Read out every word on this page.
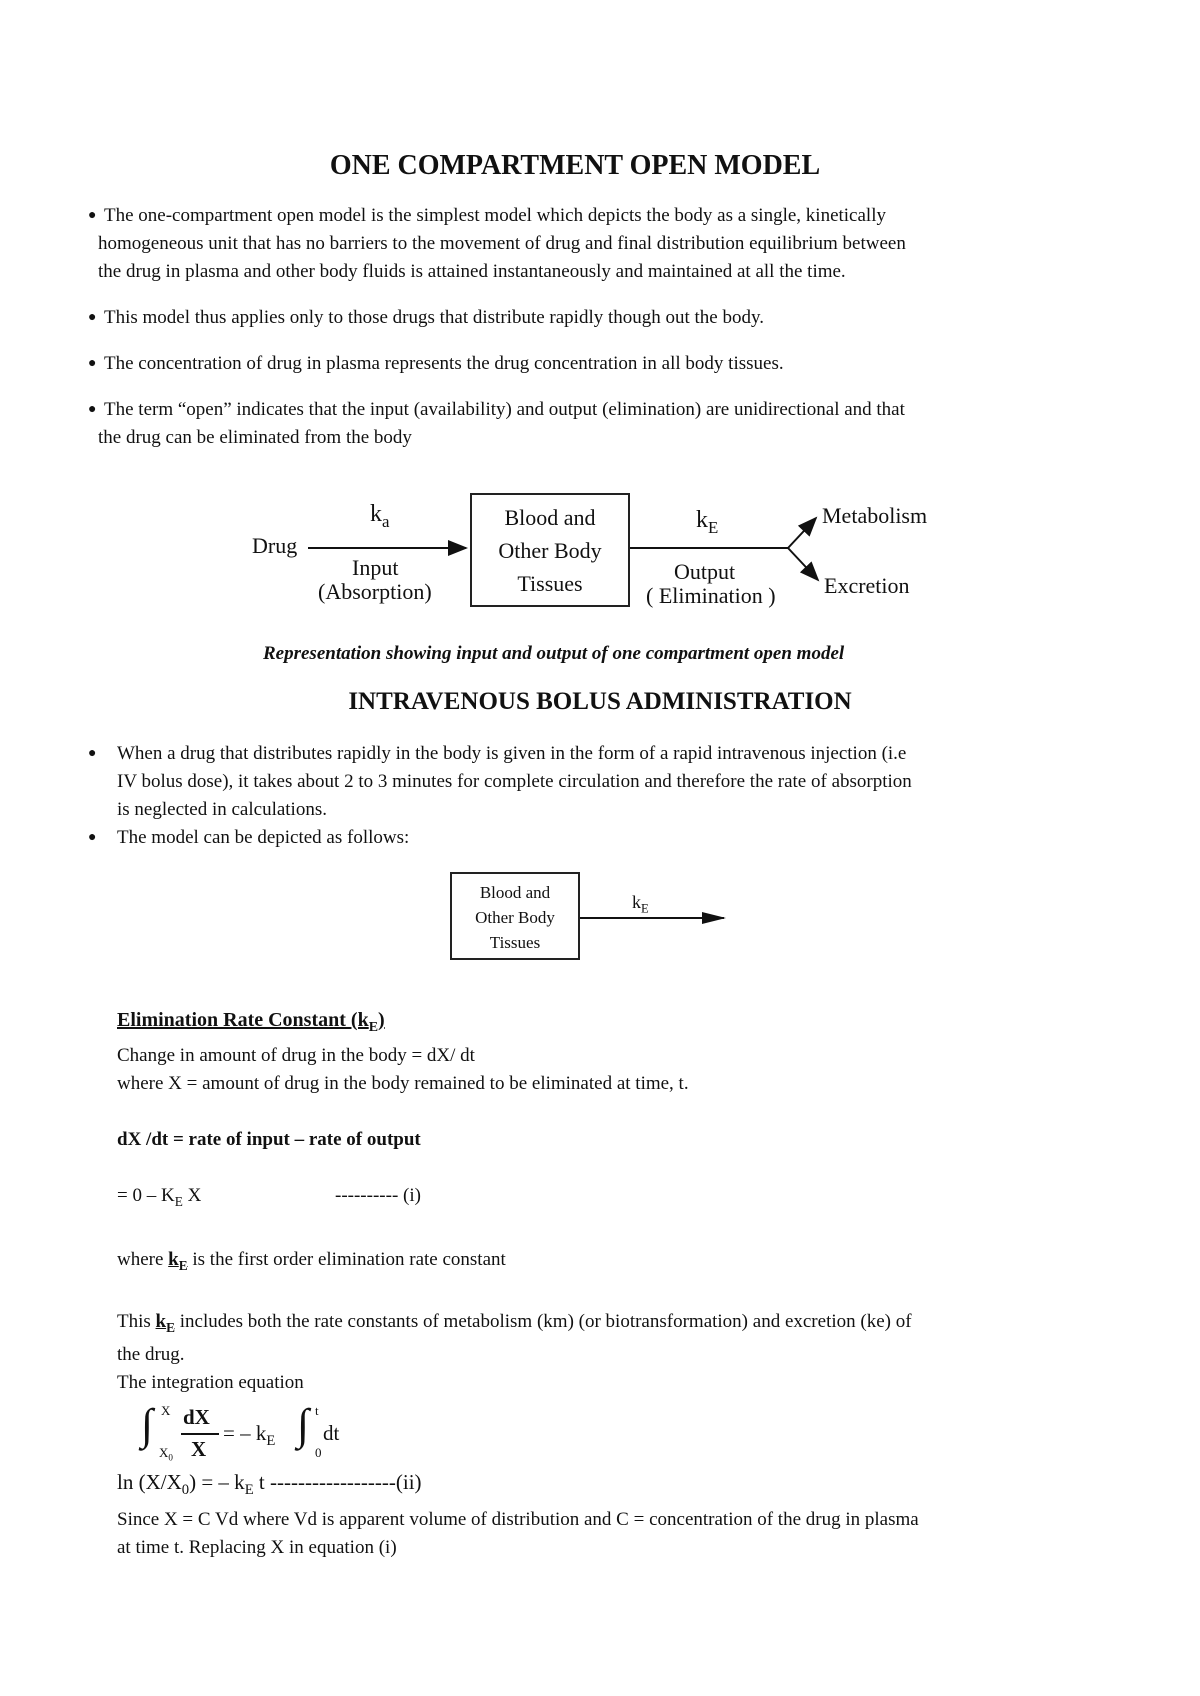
ONE COMPARTMENT OPEN MODEL
● The one-compartment open model is the simplest model which depicts the body as a single, kinetically
homogeneous unit that has no barriers to the movement of drug and final distribution equilibrium between
the drug in plasma and other body fluids is attained instantaneously and maintained at all the time.
● This model thus applies only to those drugs that distribute rapidly though out the body.
● The concentration of drug in plasma represents the drug concentration in all body tissues.
● The term “open” indicates that the input (availability) and output (elimination) are unidirectional and that
the drug can be eliminated from the body
Drug
$k_a$
Input
(Absorption)
Blood and
Other Body
Tissues
$k_E$
Output
( Elimination )
Metabolism
Excretion
Representation showing input and output of one compartment open model
INTRAVENOUS BOLUS ADMINISTRATION
● When a drug that distributes rapidly in the body is given in the form of a rapid intravenous injection (i.e
IV bolus dose), it takes about 2 to 3 minutes for complete circulation and therefore the rate of absorption
is neglected in calculations.
● The model can be depicted as follows:
Blood and
Other Body
Tissues
$k_E$
Elimination Rate Constant $(k_E)$
Change in amount of drug in the body = dX/ dt
where X = amount of drug in the body remained to be eliminated at time, t.
dX /dt = rate of input – rate of output
= $0 - K_E$ X	---------- (i)
where $k_E$ is the first order elimination rate constant
This $k_E$ includes both the rate constants of metabolism (km) (or biotransformation) and excretion (ke) of
the drug.
The integration equation
∫ X
$X_0$
dX
X
= – $k_E$ ∫ t
0
dt
$\ln (X/X_0)$ = – $k_E$ t ------------------(ii)
Since X = C Vd where Vd is apparent volume of distribution and C = concentration of the drug in plasma
at time t. Replacing X in equation (i)
